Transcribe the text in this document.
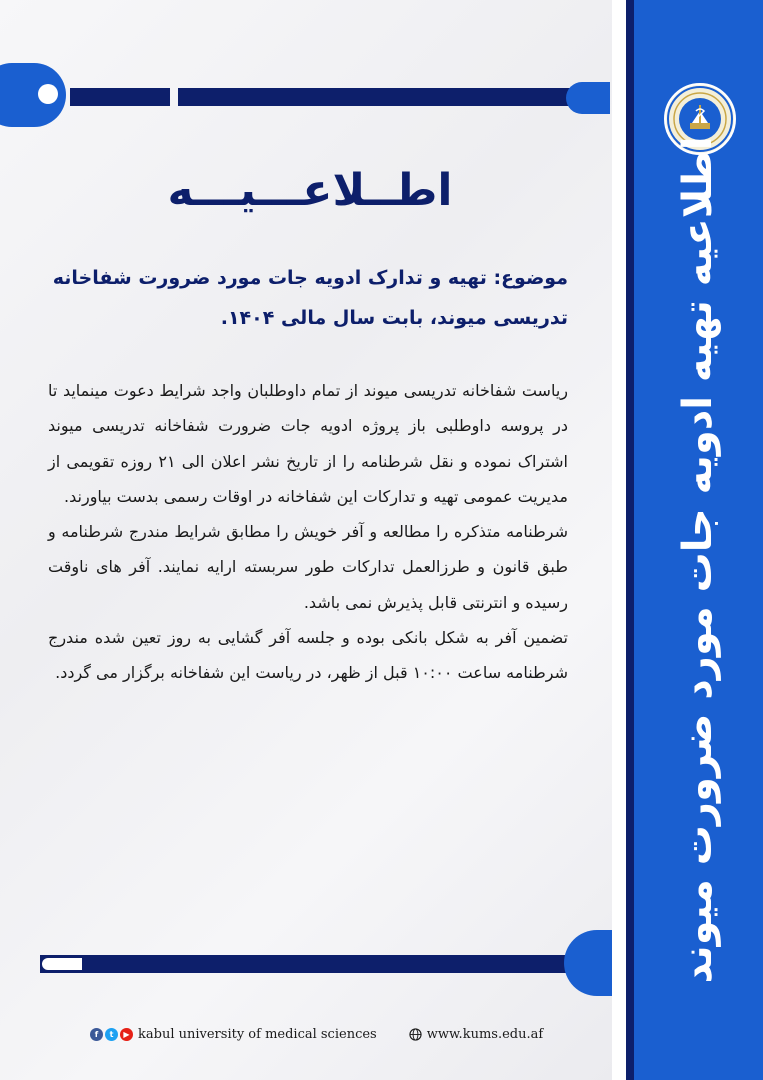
اطلاعیه تهیه ادویه جات مورد ضرورت میوند
اطــلاعـــیـــه
موضوع: تهیه و تدارک ادویه جات مورد ضرورت شفاخانه
تدریسی میوند، بابت سال مالی ۱۴۰۴.

ریاست شفاخانه تدریسی میوند از تمام داوطلبان واجد شرایط دعوت مینماید تا در پروسه داوطلبی باز پروژه ادویه جات ضرورت شفاخانه تدریسی میوند اشتراک نموده و نقل شرطنامه را از تاریخ نشر اعلان الی ۲۱ روزه تقویمی از مدیریت عمومی تهیه و تدارکات این شفاخانه در اوقات رسمی بدست بیاورند.

شرطنامه متذکره را مطالعه و آفر خویش را مطابق شرایط مندرج شرطنامه و طبق قانون و طرزالعمل تدارکات طور سربسته ارایه نمایند. آفر های ناوقت رسیده و انترنتی قابل پذیرش نمی باشد.

تضمین آفر به شکل بانکی بوده و جلسه آفر گشایی به روز تعین شده مندرج شرطنامه ساعت ۱۰:۰۰ قبل از ظهر، در ریاست این شفاخانه برگزار می گردد.

f	t	▶ kabul university of medical sciences	www.kums.edu.af
